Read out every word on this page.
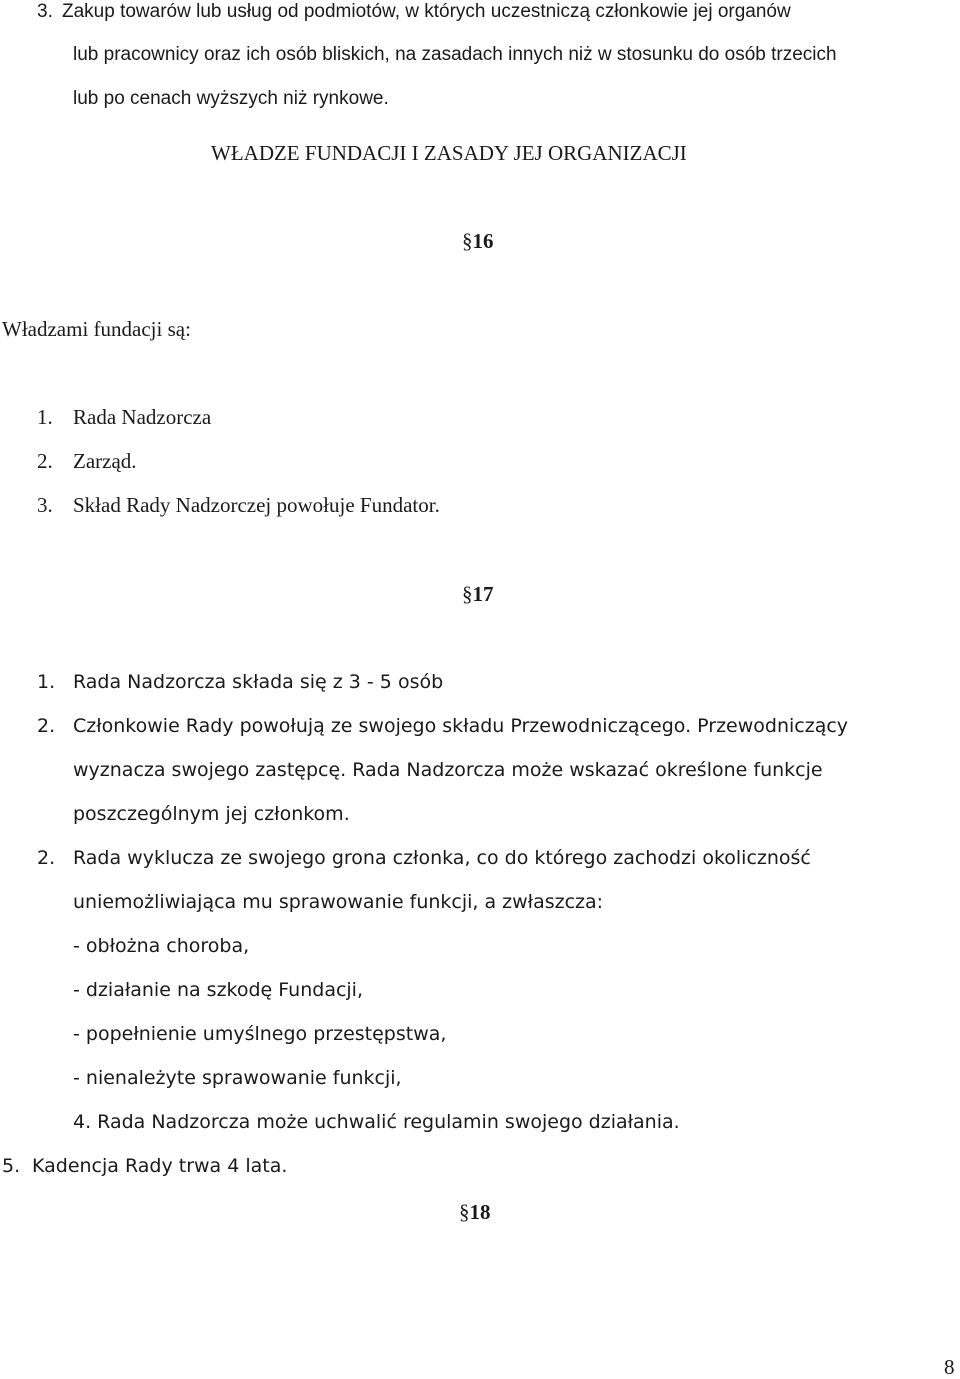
3. Zakup towarów lub usług od podmiotów, w których uczestniczą członkowie jej organów
lub pracownicy oraz ich osób bliskich, na zasadach innych niż w stosunku do osób trzecich
lub po cenach wyższych niż rynkowe.
WŁADZE FUNDACJI I ZASADY JEJ ORGANIZACJI
§16
Władzami fundacji są:
1. Rada Nadzorcza
2. Zarząd.
3. Skład Rady Nadzorczej powołuje Fundator.
§17
1. Rada Nadzorcza składa się z 3 - 5 osób
2. Członkowie Rady powołują ze swojego składu Przewodniczącego. Przewodniczący
wyznacza swojego zastępcę. Rada Nadzorcza może wskazać określone funkcje
poszczególnym jej członkom.
2. Rada wyklucza ze swojego grona członka, co do którego zachodzi okoliczność
uniemożliwiająca mu sprawowanie funkcji, a zwłaszcza:
- obłożna choroba,
- działanie na szkodę Fundacji,
- popełnienie umyślnego przestępstwa,
- nienależyte sprawowanie funkcji,
4. Rada Nadzorcza może uchwalić regulamin swojego działania.
5. Kadencja Rady trwa 4 lata.
§18
8
